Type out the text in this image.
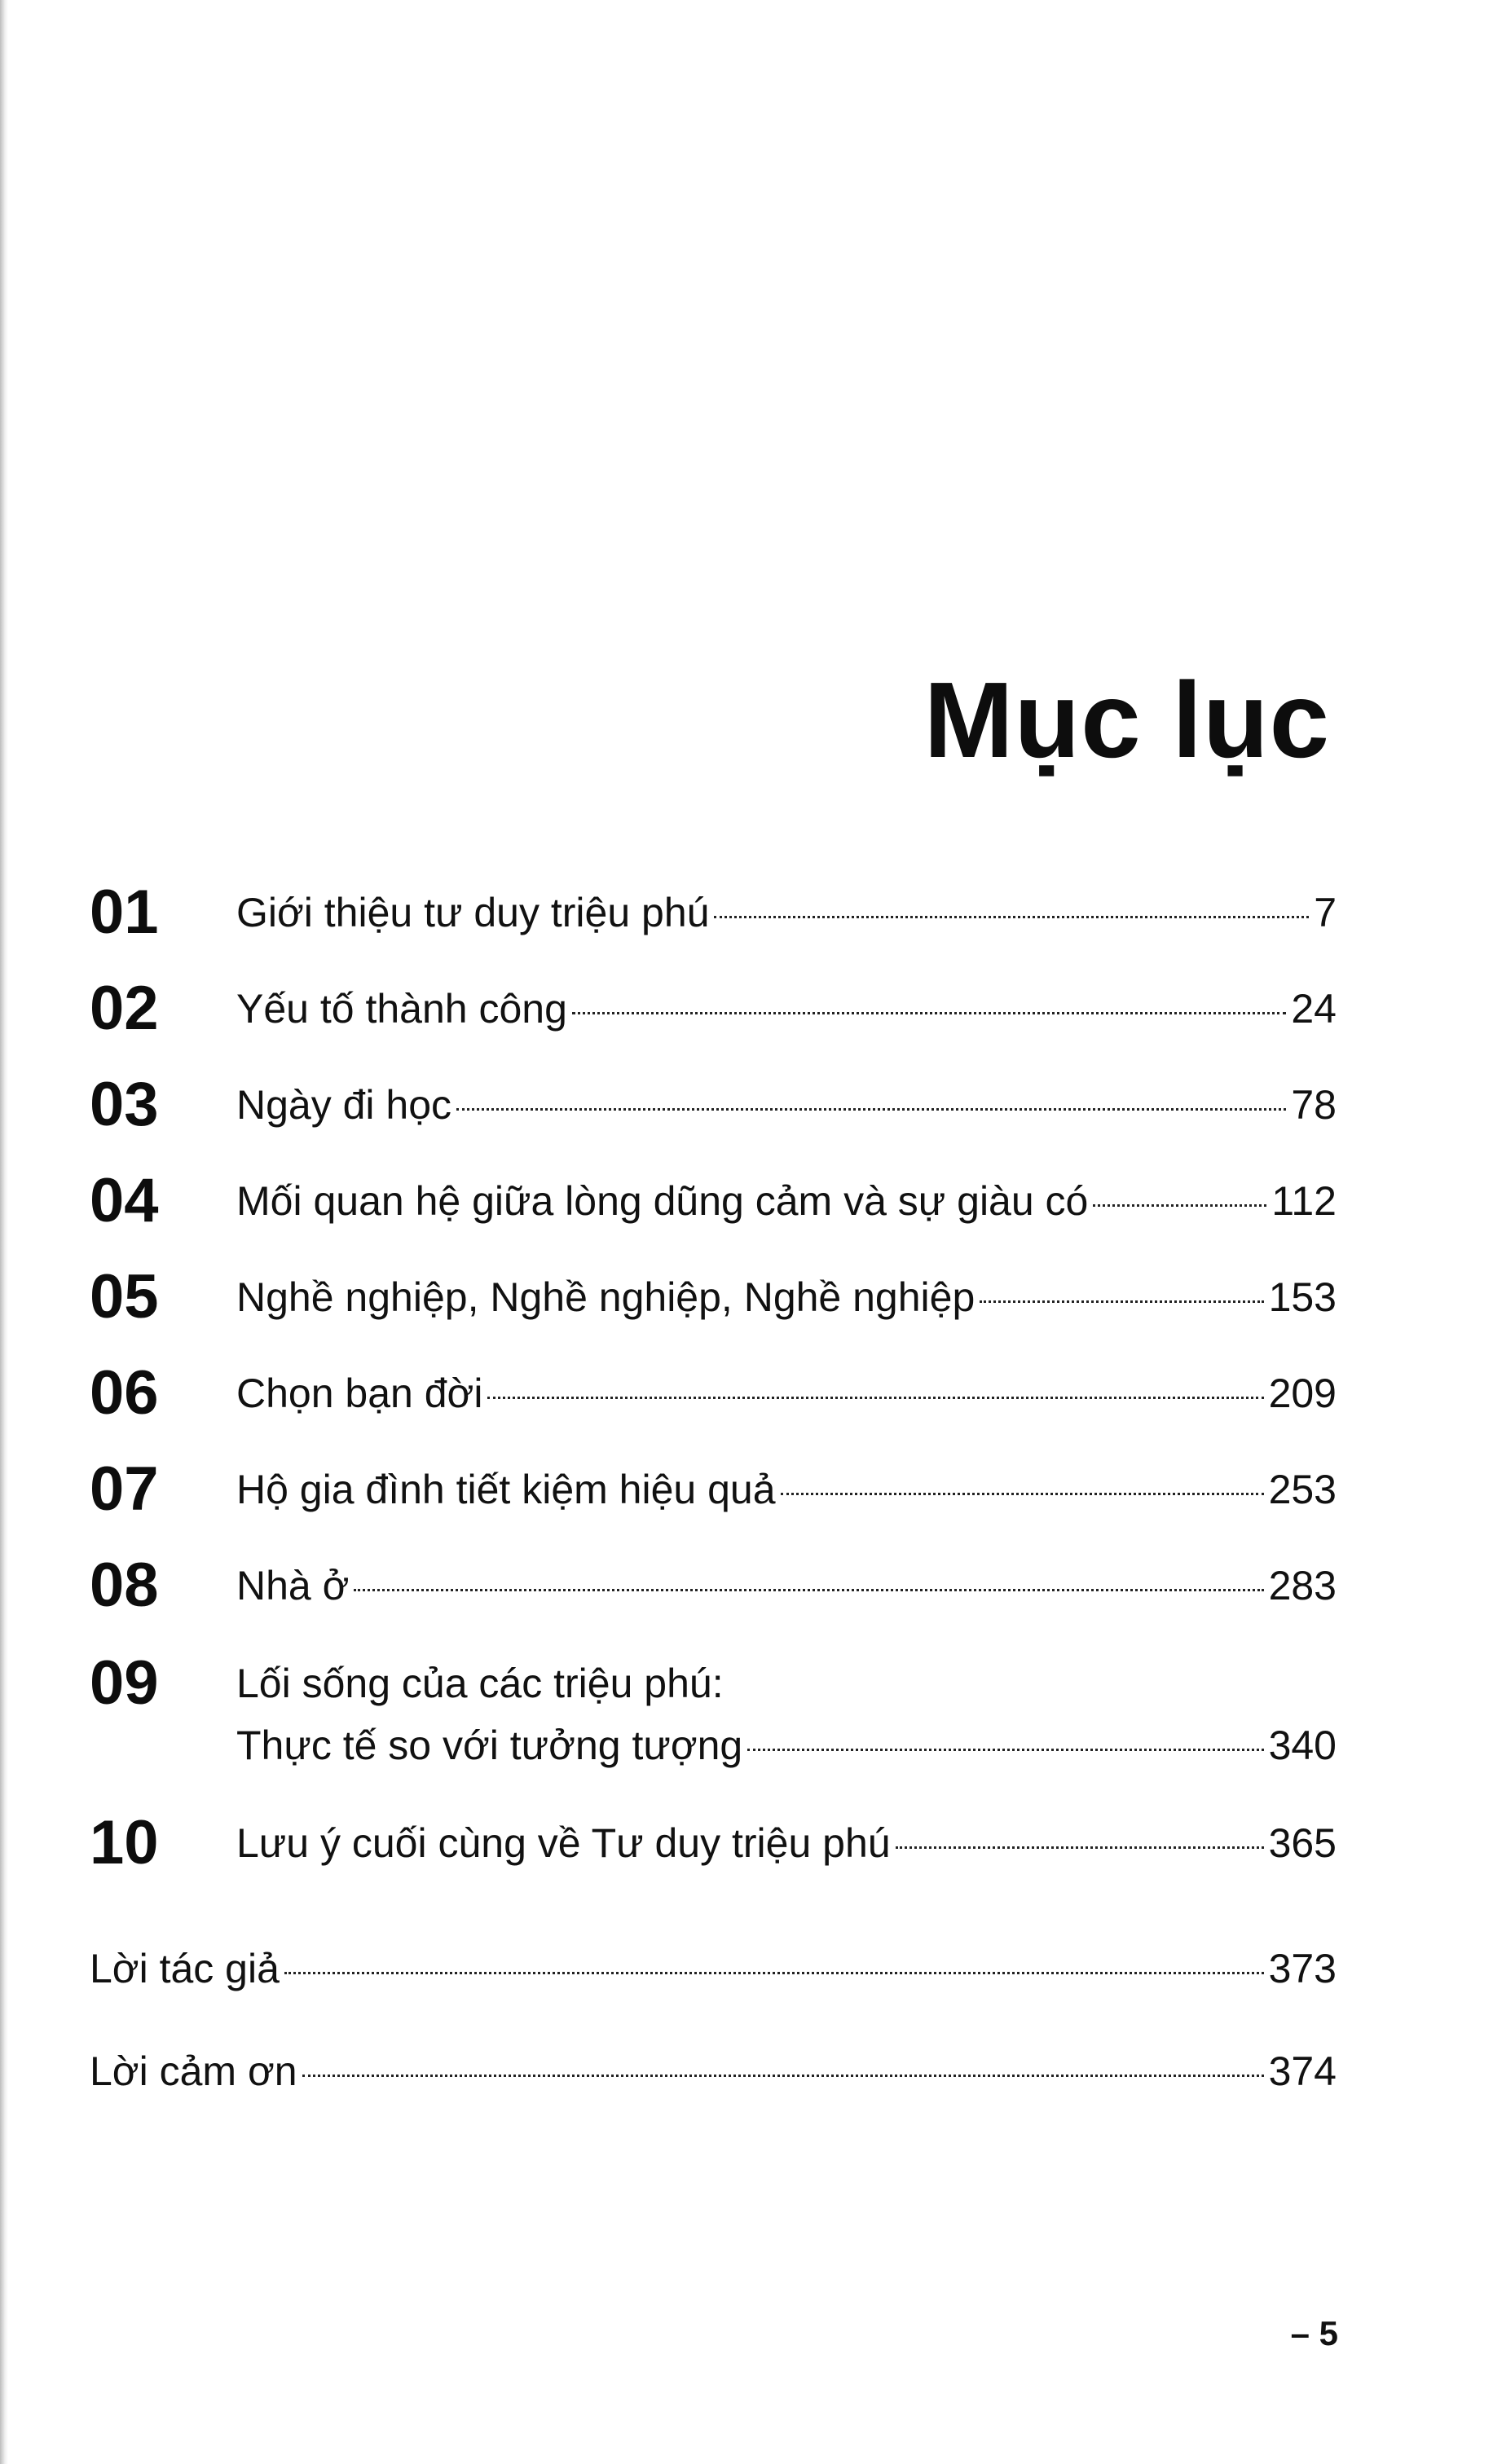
Mục lục
01 Giới thiệu tư duy triệu phú	7
02 Yếu tố thành công	24
03 Ngày đi học	78
04 Mối quan hệ giữa lòng dũng cảm và sự giàu có	112
05 Nghề nghiệp, Nghề nghiệp, Nghề nghiệp	153
06 Chọn bạn đời	209
07 Hộ gia đình tiết kiệm hiệu quả	253
08 Nhà ở	283
09 Lối sống của các triệu phú:
Thực tế so với tưởng tượng	340
10 Lưu ý cuối cùng về Tư duy triệu phú	365
Lời tác giả	373
Lời cảm ơn	374
– 5
